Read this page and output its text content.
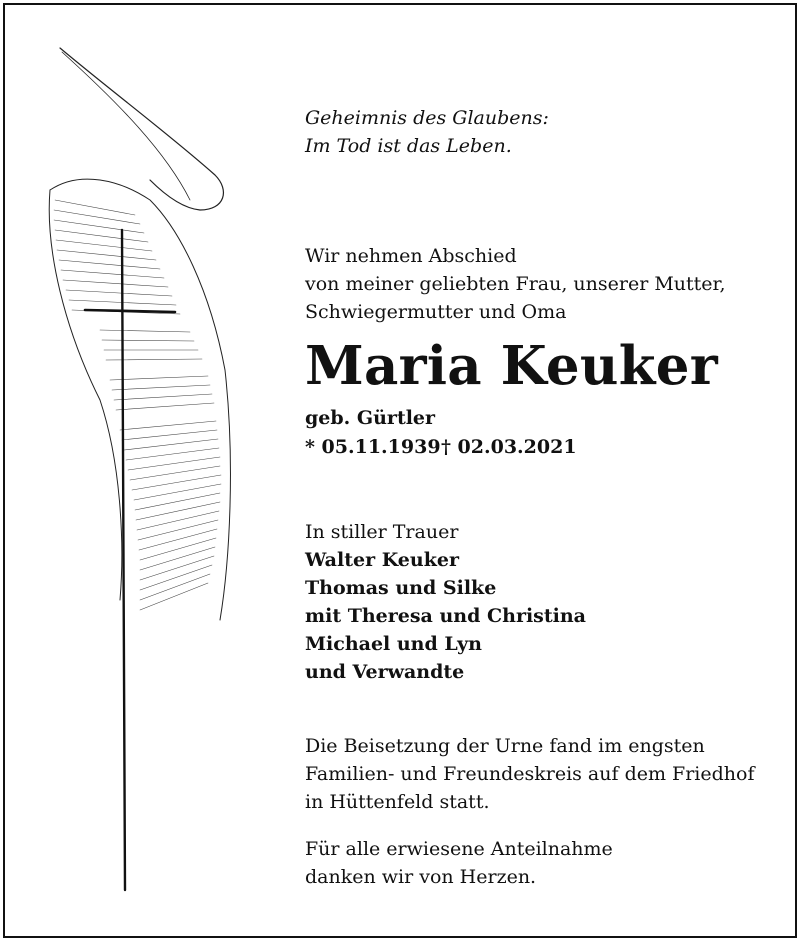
Geheimnis des Glaubens:
Im Tod ist das Leben.
Wir nehmen Abschied
von meiner geliebten Frau, unserer Mutter,
Schwiegermutter und Oma
Maria Keuker
geb. Gürtler
* 05.11.1939 † 02.03.2021
In stiller Trauer
Walter Keuker
Thomas und Silke
mit Theresa und Christina
Michael und Lyn
und Verwandte
Die Beisetzung der Urne fand im engsten
Familien- und Freundeskreis auf dem Friedhof
in Hüttenfeld statt.
Für alle erwiesene Anteilnahme
danken wir von Herzen.
